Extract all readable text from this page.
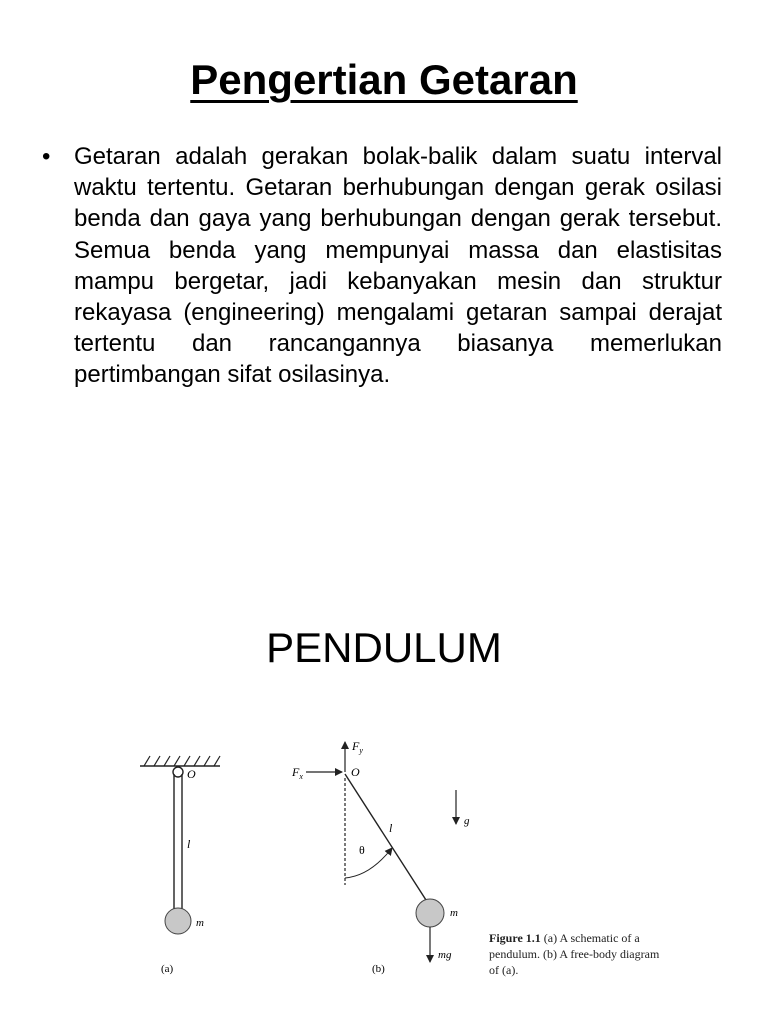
Pengertian Getaran
• Getaran adalah gerakan bolak-balik dalam suatu interval waktu tertentu. Getaran berhubungan dengan gerak osilasi benda dan gaya yang berhubungan dengan gerak tersebut. Semua benda yang mempunyai massa dan elastisitas mampu bergetar, jadi kebanyakan mesin dan struktur rekayasa (engineering) mengalami getaran sampai derajat tertentu dan rancangannya biasanya memerlukan pertimbangan sifat osilasinya.
PENDULUM
O
l
m
(a)
$F_y$
$F_x$	O
θ
l
m
mg
g
(b)
Figure 1.1 (a) A schematic of a
pendulum. (b) A free-body diagram
of (a).
